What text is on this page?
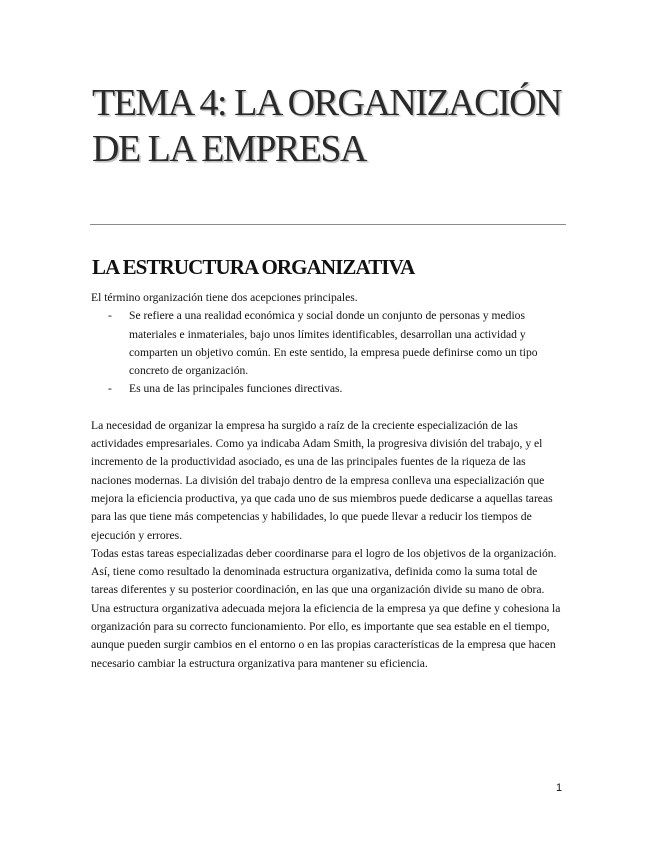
TEMA 4: LA ORGANIZACIÓN DE LA EMPRESA
LA ESTRUCTURA ORGANIZATIVA

El término organización tiene dos acepciones principales.

- Se refiere a una realidad económica y social donde un conjunto de personas y medios materiales e inmateriales, bajo unos límites identificables, desarrollan una actividad y comparten un objetivo común. En este sentido, la empresa puede definirse como un tipo concreto de organización.
- Es una de las principales funciones directivas.

La necesidad de organizar la empresa ha surgido a raíz de la creciente especialización de las actividades empresariales. Como ya indicaba Adam Smith, la progresiva división del trabajo, y el incremento de la productividad asociado, es una de las principales fuentes de la riqueza de las naciones modernas. La división del trabajo dentro de la empresa conlleva una especialización que mejora la eficiencia productiva, ya que cada uno de sus miembros puede dedicarse a aquellas tareas para las que tiene más competencias y habilidades, lo que puede llevar a reducir los tiempos de ejecución y errores.

Todas estas tareas especializadas deber coordinarse para el logro de los objetivos de la organización. Así, tiene como resultado la denominada estructura organizativa, definida como la suma total de tareas diferentes y su posterior coordinación, en las que una organización divide su mano de obra.

Una estructura organizativa adecuada mejora la eficiencia de la empresa ya que define y cohesiona la organización para su correcto funcionamiento. Por ello, es importante que sea estable en el tiempo, aunque pueden surgir cambios en el entorno o en las propias características de la empresa que hacen necesario cambiar la estructura organizativa para mantener su eficiencia.

1
